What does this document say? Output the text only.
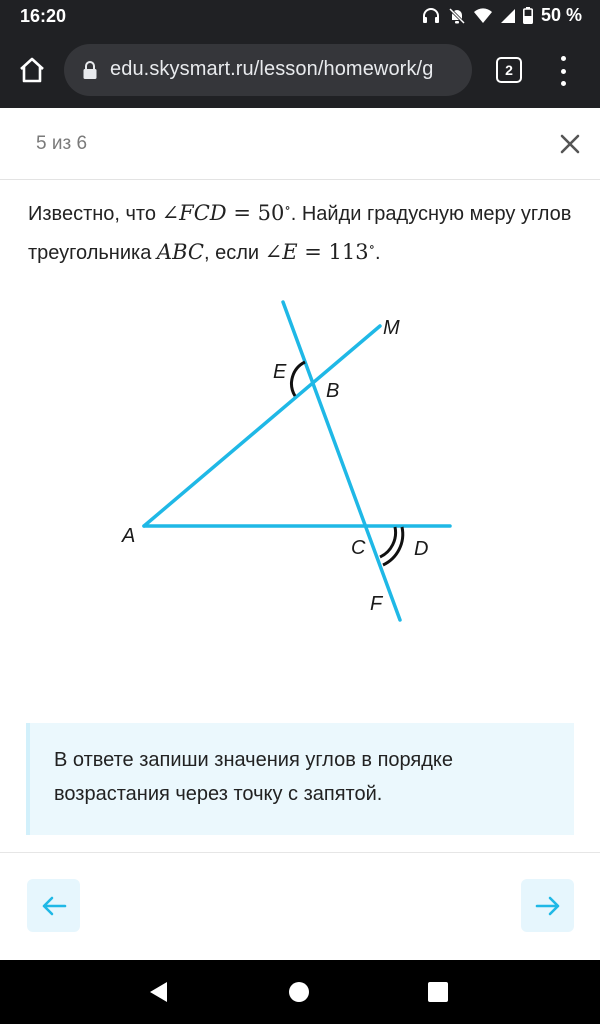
16:20	50 %
edu.skysmart.ru/lesson/homework/g	2
5 из 6
Известно, что ∠FCD = 50∘. Найди градусную меру углов треугольника ABC, если ∠E = 113∘.
M
E
B
A
C D
F
В ответе запиши значения углов в порядке возрастания через точку с запятой.
